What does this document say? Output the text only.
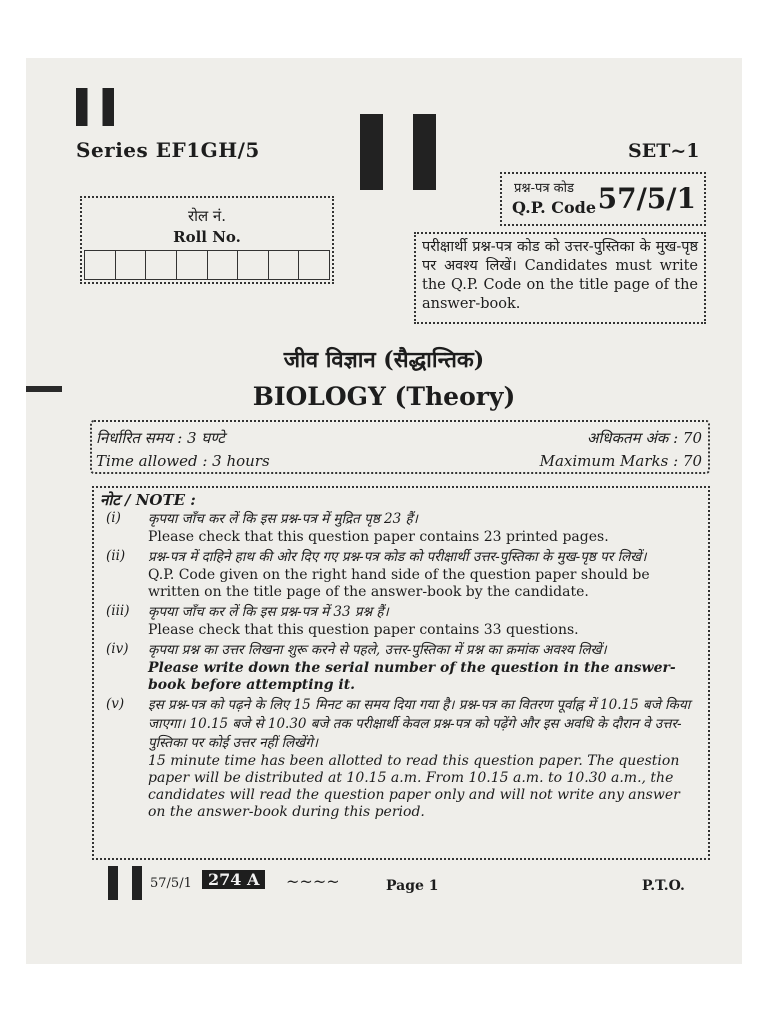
Series EF1GH/5	SET~1
रोल नं.
Roll No.
प्रश्न-पत्र कोड
Q.P. Code 57/5/1
परीक्षार्थी प्रश्न-पत्र कोड को उत्तर-पुस्तिका के मुख-पृष्ठ पर अवश्य लिखें। Candidates must write the Q.P. Code on the title page of the answer-book.
जीव विज्ञान (सैद्धान्तिक)
BIOLOGY (Theory)
निर्धारित समय : 3 घण्टे
Time allowed : 3 hours
अधिकतम अंक : 70
Maximum Marks : 70
नोट / NOTE :
(i) कृपया जाँच कर लें कि इस प्रश्न-पत्र में मुद्रित पृष्ठ 23 हैं।
Please check that this question paper contains 23 printed pages.
(ii) प्रश्न-पत्र में दाहिने हाथ की ओर दिए गए प्रश्न-पत्र कोड को परीक्षार्थी उत्तर-पुस्तिका के मुख-पृष्ठ पर लिखें।
Q.P. Code given on the right hand side of the question paper should be written on the title page of the answer-book by the candidate.
(iii) कृपया जाँच कर लें कि इस प्रश्न-पत्र में 33 प्रश्न हैं।
Please check that this question paper contains 33 questions.
(iv) कृपया प्रश्न का उत्तर लिखना शुरू करने से पहले, उत्तर-पुस्तिका में प्रश्न का क्रमांक अवश्य लिखें।
Please write down the serial number of the question in the answer-book before attempting it.
(v) इस प्रश्न-पत्र को पढ़ने के लिए 15 मिनट का समय दिया गया है। प्रश्न-पत्र का वितरण पूर्वाह्न में 10.15 बजे किया जाएगा। 10.15 बजे से 10.30 बजे तक परीक्षार्थी केवल प्रश्न-पत्र को पढ़ेंगे और इस अवधि के दौरान वे उत्तर-पुस्तिका पर कोई उत्तर नहीं लिखेंगे।
15 minute time has been allotted to read this question paper. The question paper will be distributed at 10.15 a.m. From 10.15 a.m. to 10.30 a.m., the candidates will read the question paper only and will not write any answer on the answer-book during this period.
57/5/1	274 A	~~~~	Page 1	P.T.O.
